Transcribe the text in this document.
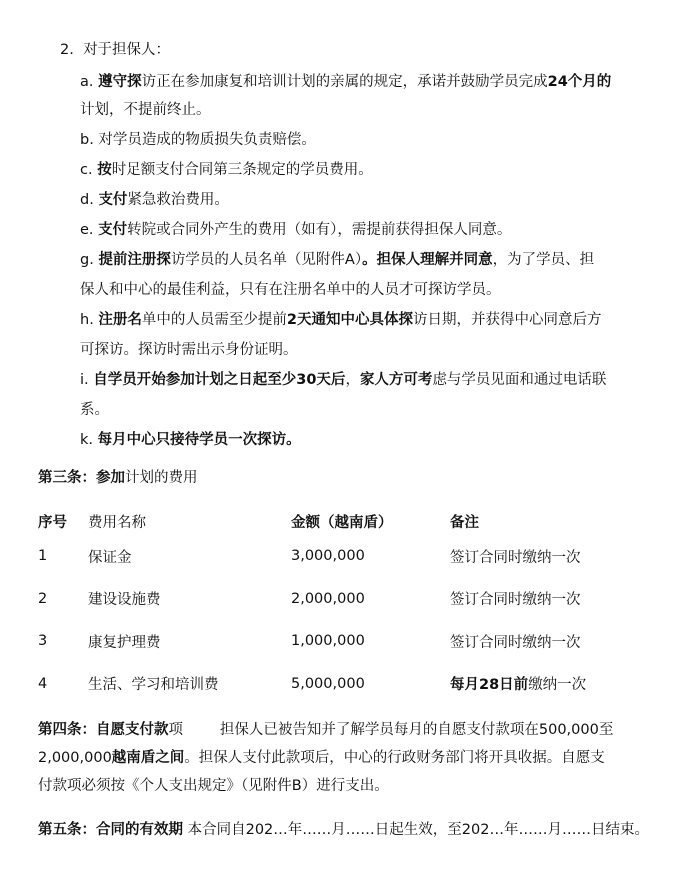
2. 对于担保人：
a. 遵守探访正在参加康复和培训计划的亲属的规定，承诺并鼓励学员完成24个月的
计划，不提前终止。
b. 对学员造成的物质损失负责赔偿。
c. 按时足额支付合同第三条规定的学员费用。
d. 支付紧急救治费用。
e. 支付转院或合同外产生的费用（如有），需提前获得担保人同意。
g. 提前注册探访学员的人员名单（见附件A）。担保人理解并同意，为了学员、担
保人和中心的最佳利益，只有在注册名单中的人员才可探访学员。
h. 注册名单中的人员需至少提前2天通知中心具体探访日期，并获得中心同意后方
可探访。探访时需出示身份证明。
i. 自学员开始参加计划之日起至少30天后，家人方可考虑与学员见面和通过电话联
系。
k. 每月中心只接待学员一次探访。
第三条：参加计划的费用
序号	费用名称	金额（越南盾）	备注
1	保证金	3,000,000	签订合同时缴纳一次
2	建设设施费	2,000,000	签订合同时缴纳一次
3	康复护理费	1,000,000	签订合同时缴纳一次
4	生活、学习和培训费	5,000,000	每月28日前缴纳一次
第四条：自愿支付款项	担保人已被告知并了解学员每月的自愿支付款项在500,000至
2,000,000越南盾之间。担保人支付此款项后，中心的行政财务部门将开具收据。自愿支
付款项必须按《个人支出规定》（见附件B）进行支出。
第五条：合同的有效期 本合同自202…年……月……日起生效，至202…年……月……日结束。
